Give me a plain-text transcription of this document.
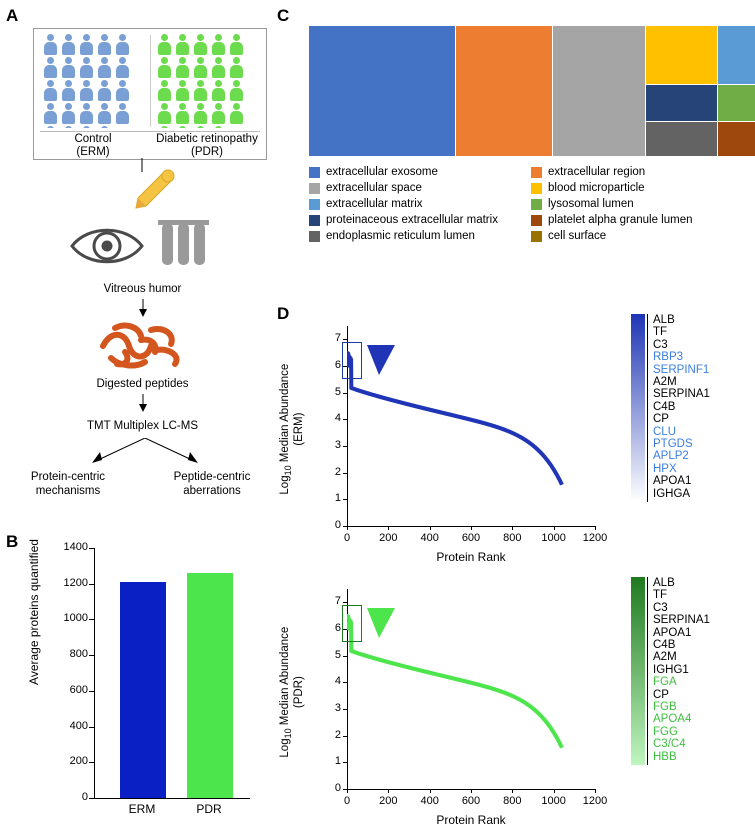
A
Control
(ERM)
Diabetic retinopathy
(PDR)
Vitreous humor
Digested peptides
TMT Multiplex LC-MS
Protein-centric
mechanisms
Peptide-centric
aberrations
B
0
200
400
600
800
1000
1200
1400
ERM	PDR
Average proteins quantified
C
extracellular exosome	extracellular region
extracellular space	blood microparticle
extracellular matrix	lysosomal lumen
proteinaceous extracellular matrix	platelet alpha granule lumen
endoplasmic reticulum lumen	cell surface
D
0
1
2
3
4
5
6
7
0	200	400	600	800	1000	1200
Log$_{10}$ Median Abundance (ERM)
Protein Rank
ALB
TF
C3
RBP3
SERPINF1
A2M
SERPINA1
C4B
CP
CLU
PTGDS
APLP2
HPX
APOA1
IGHGA
0
1
2
3
4
5
6
7
0	200	400	600	800	1000	1200
Log$_{10}$ Median Abundance (PDR)
Protein Rank
ALB
TF
C3
SERPINA1
APOA1
C4B
A2M
IGHG1
FGA
CP
FGB
APOA4
FGG
C3/C4
HBB
